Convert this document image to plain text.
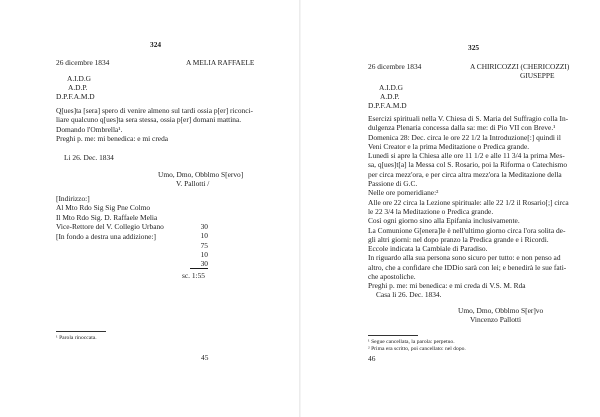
324
26 dicembre 1834	A MELIA RAFFAELE
A.I.D.G
A.D.P.
D.P.F.A.M.D
Q[ues]ta [sera] spero di venire almeno sul tardi ossia p[er] riconci-
liare qualcuno q[ues]ta sera stessa, ossia p[er] domani mattina.
Domando l'Ombrella¹.
Preghi p. me: mi benedica: e mi creda
Li 26. Dec. 1834
Umo, Dmo, Obblmo S[ervo]
V. Pallotti /
[Indirizzo:]
Al Mto Rdo Sig Sig Pne Colmo
Il Mto Rdo Sig. D. Raffaele Melia
Vice-Rettore del V. Collegio Urbano
[In fondo a destra una addizione:]
30
10
75
10
30
sc. 1:55
¹ Parola rinoccata.
45
325
26 dicembre 1834	A CHIRICOZZI (CHERICOZZI)
GIUSEPPE
A.I.D.G
A.D.P.
D.P.F.A.M.D
Esercizi spirituali nella V. Chiesa di S. Maria del Suffragio colla In-
dulgenza Plenaria concessa dalla sa: me: di Pio VII con Breve.¹
Domenica 28: Dec. circa le ore 22 1/2 la Introduzione[:] quindi il
Veni Creator e la prima Meditazione o Predica grande.
Lunedì si apre la Chiesa alle ore 11 1/2 e alle 11 3/4 la prima Mes-
sa, q[ues]t[a] la Messa col S. Rosario, poi la Riforma o Catechismo
per circa mezz'ora, e per circa altra mezz'ora la Meditazione della
Passione di G.C.
Nelle ore pomeridiane:²
Alle ore 22 circa la Lezione spirituale: alle 22 1/2 il Rosario[;] circa
le 22 3/4 la Meditazione o Predica grande.
Così ogni giorno sino alla Epifania inclusivamente.
La Comunione G[enera]le è nell'ultimo giorno circa l'ora solita de-
gli altri giorni: nel dopo pranzo la Predica grande e i Ricordi.
Eccole indicata la Cambiale di Paradiso.
In riguardo alla sua persona sono sicuro per tutto: e non penso ad
altro, che a confidare che IDDio sarà con lei; e benedirà le sue fati-
che apostoliche.
Preghi p. me: mi benedica: e mi creda di V.S. M. Rda
Casa li 26. Dec. 1834.
Umo, Dmo, Obblmo S[er]vo
Vincenzo Pallotti
¹ Segue cancellata, la parola: perpetuo.
² Prima era scritto, poi cancellato: nel dopo.
46
